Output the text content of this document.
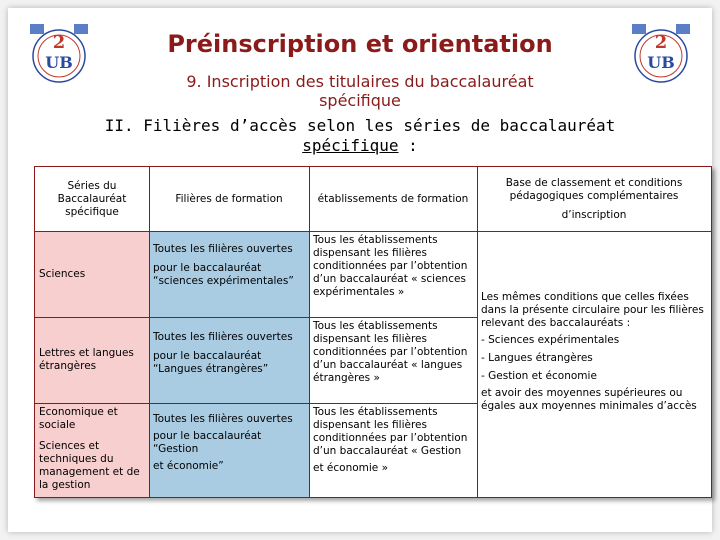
2
UB
2
UB
Préinscription et orientation
9. Inscription des titulaires du baccalauréat
spécifique
II. Filières d’accès selon les séries de baccalauréat
spécifique :
Séries du Baccalauréat spécifique
Filières de formation	établissements de formation
Base de classement et conditions pédagogiques complémentaires
d’inscription
Sciences
Toutes les filières ouvertes
pour le baccalauréat “sciences expérimentales”
Tous les établissements dispensant les filières conditionnées par l’obtention d’un baccalauréat « sciences expérimentales »
Lettres et langues étrangères
Toutes les filières ouvertes
pour le baccalauréat “Langues étrangères”
Tous les établissements dispensant les filières conditionnées par l’obtention d’un baccalauréat « langues étrangères »
Economique et sociale
Sciences et techniques du management et de la gestion
Toutes les filières ouvertes
pour le baccalauréat “Gestion
et économie”
Tous les établissements dispensant les filières conditionnées par l’obtention d’un baccalauréat « Gestion
et économie »
Les mêmes conditions que celles fixées dans la présente circulaire pour les filières relevant des baccalauréats :
- Sciences expérimentales
- Langues étrangères
- Gestion et économie
et avoir des moyennes supérieures ou égales aux moyennes minimales d’accès
